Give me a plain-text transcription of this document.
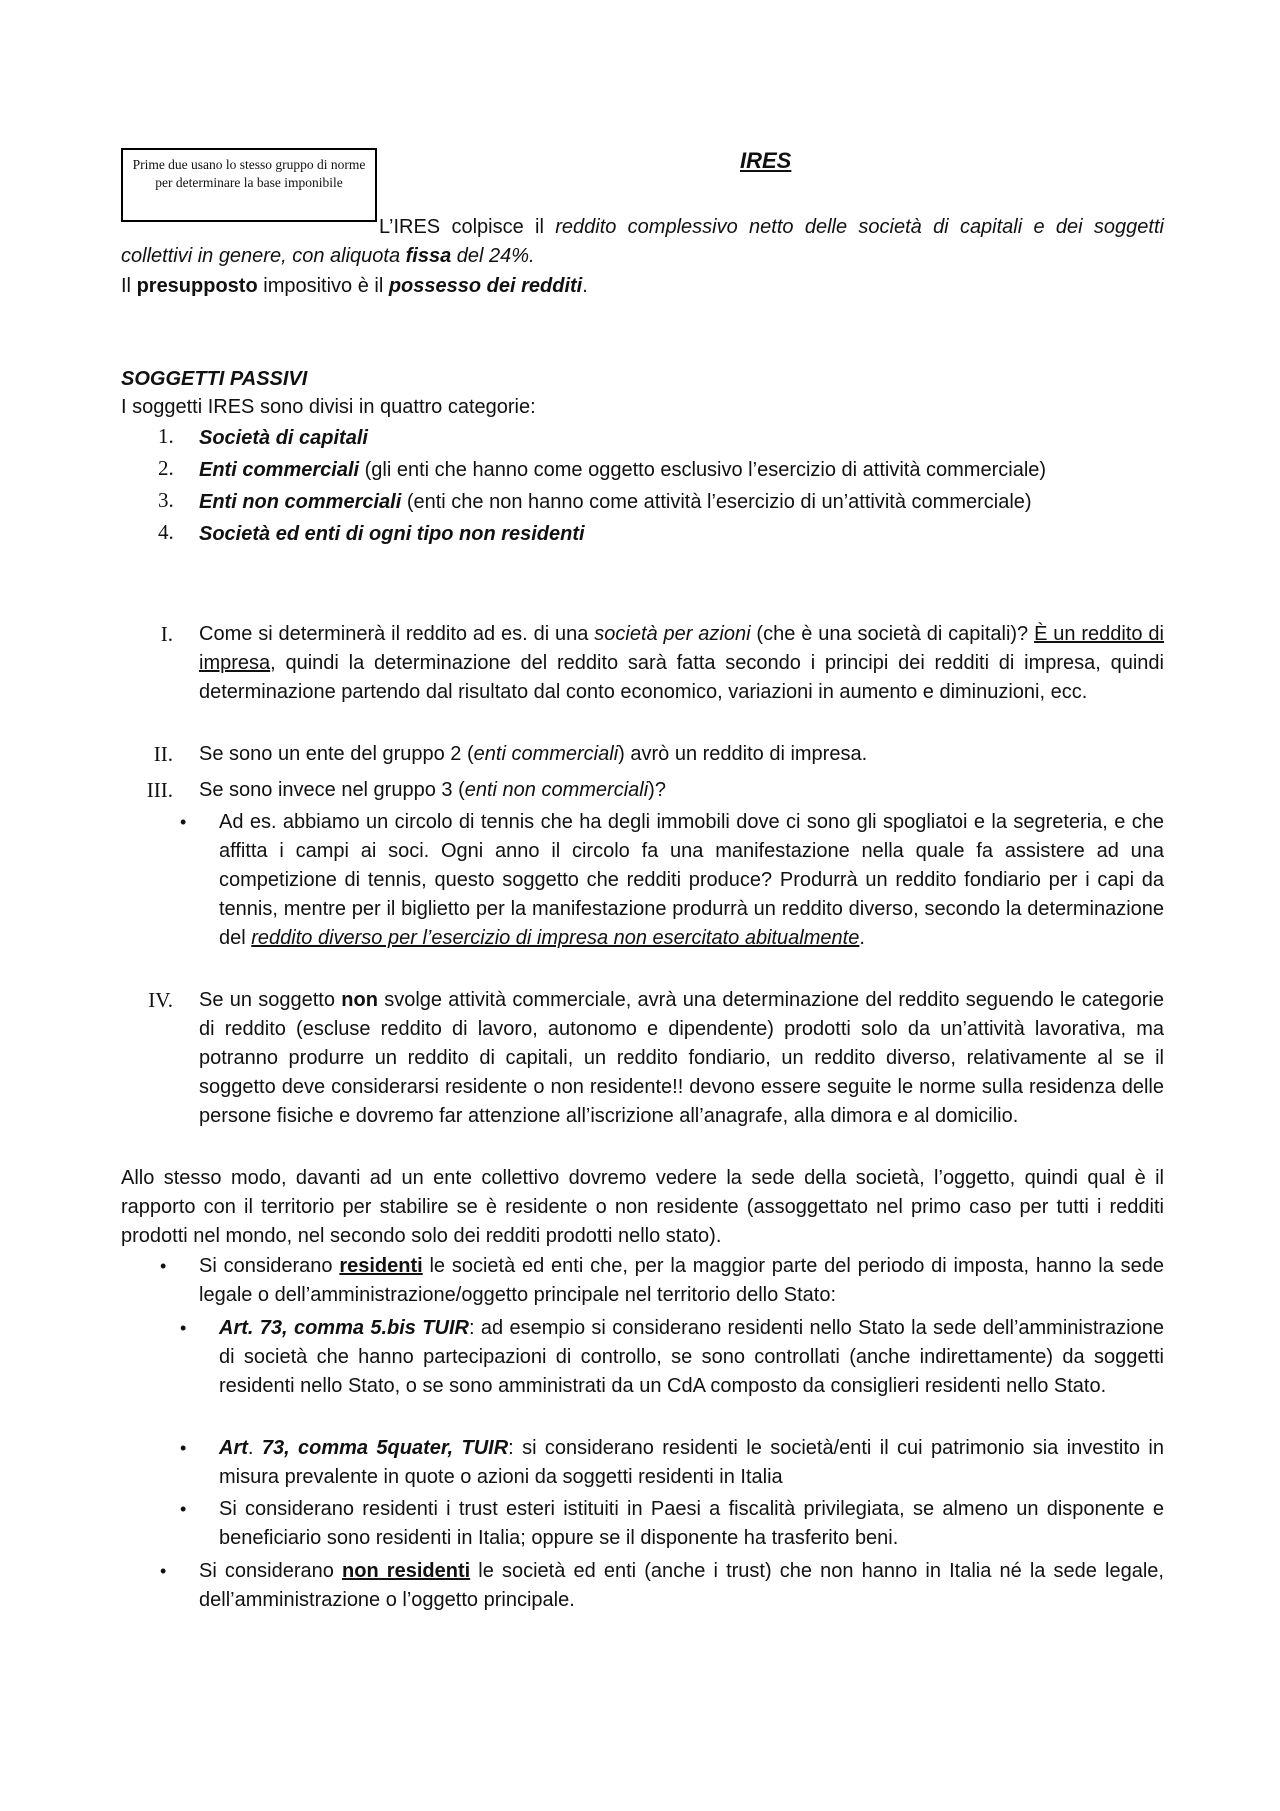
Prime due usano lo stesso gruppo di norme per determinare la base imponibile
IRES
L’IRES colpisce il reddito complessivo netto delle società di capitali e dei soggetti collettivi in genere, con aliquota fissa del 24%.
Il presupposto impositivo è il possesso dei redditi.
SOGGETTI PASSIVI
I soggetti IRES sono divisi in quattro categorie:
1. Società di capitali
2. Enti commerciali (gli enti che hanno come oggetto esclusivo l’esercizio di attività commerciale)
3. Enti non commerciali (enti che non hanno come attività l’esercizio di un’attività commerciale)
4. Società ed enti di ogni tipo non residenti
I. Come si determinerà il reddito ad es. di una società per azioni (che è una società di capitali)? È un reddito di impresa, quindi la determinazione del reddito sarà fatta secondo i principi dei redditi di impresa, quindi determinazione partendo dal risultato dal conto economico, variazioni in aumento e diminuzioni, ecc.
II. Se sono un ente del gruppo 2 (enti commerciali) avrò un reddito di impresa.
III. Se sono invece nel gruppo 3 (enti non commerciali)?
• Ad es. abbiamo un circolo di tennis che ha degli immobili dove ci sono gli spogliatoi e la segreteria, e che affitta i campi ai soci. Ogni anno il circolo fa una manifestazione nella quale fa assistere ad una competizione di tennis, questo soggetto che redditi produce? Produrrà un reddito fondiario per i capi da tennis, mentre per il biglietto per la manifestazione produrrà un reddito diverso, secondo la determinazione del reddito diverso per l’esercizio di impresa non esercitato abitualmente.
IV. Se un soggetto non svolge attività commerciale, avrà una determinazione del reddito seguendo le categorie di reddito (escluse reddito di lavoro, autonomo e dipendente) prodotti solo da un’attività lavorativa, ma potranno produrre un reddito di capitali, un reddito fondiario, un reddito diverso, relativamente al se il soggetto deve considerarsi residente o non residente!! devono essere seguite le norme sulla residenza delle persone fisiche e dovremo far attenzione all’iscrizione all’anagrafe, alla dimora e al domicilio.
Allo stesso modo, davanti ad un ente collettivo dovremo vedere la sede della società, l’oggetto, quindi qual è il rapporto con il territorio per stabilire se è residente o non residente (assoggettato nel primo caso per tutti i redditi prodotti nel mondo, nel secondo solo dei redditi prodotti nello stato).
• Si considerano residenti le società ed enti che, per la maggior parte del periodo di imposta, hanno la sede legale o dell’amministrazione/oggetto principale nel territorio dello Stato:
• Art. 73, comma 5.bis TUIR: ad esempio si considerano residenti nello Stato la sede dell’amministrazione di società che hanno partecipazioni di controllo, se sono controllati (anche indirettamente) da soggetti residenti nello Stato, o se sono amministrati da un CdA composto da consiglieri residenti nello Stato.
• Art. 73, comma 5quater, TUIR: si considerano residenti le società/enti il cui patrimonio sia investito in misura prevalente in quote o azioni da soggetti residenti in Italia
• Si considerano residenti i trust esteri istituiti in Paesi a fiscalità privilegiata, se almeno un disponente e beneficiario sono residenti in Italia; oppure se il disponente ha trasferito beni.
• Si considerano non residenti le società ed enti (anche i trust) che non hanno in Italia né la sede legale, dell’amministrazione o l’oggetto principale.
